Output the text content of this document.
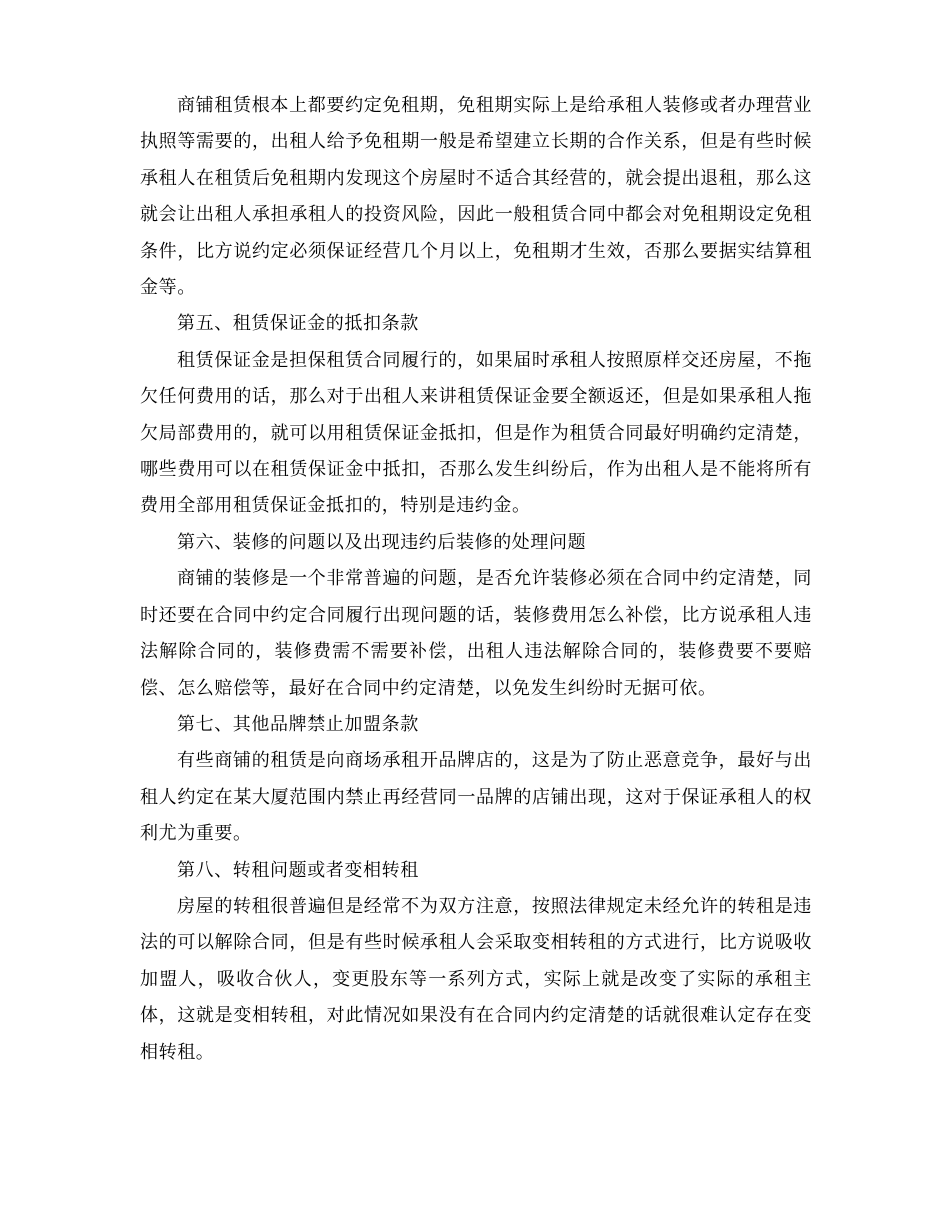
商铺租赁根本上都要约定免租期，免租期实际上是给承租人装修或者办理营业执照等需要的，出租人给予免租期一般是希望建立长期的合作关系，但是有些时候承租人在租赁后免租期内发现这个房屋时不适合其经营的，就会提出退租，那么这就会让出租人承担承租人的投资风险，因此一般租赁合同中都会对免租期设定免租条件，比方说约定必须保证经营几个月以上，免租期才生效，否那么要据实结算租金等。

第五、租赁保证金的抵扣条款

租赁保证金是担保租赁合同履行的，如果届时承租人按照原样交还房屋，不拖欠任何费用的话，那么对于出租人来讲租赁保证金要全额返还，但是如果承租人拖欠局部费用的，就可以用租赁保证金抵扣，但是作为租赁合同最好明确约定清楚，哪些费用可以在租赁保证金中抵扣，否那么发生纠纷后，作为出租人是不能将所有费用全部用租赁保证金抵扣的，特别是违约金。

第六、装修的问题以及出现违约后装修的处理问题

商铺的装修是一个非常普遍的问题，是否允许装修必须在合同中约定清楚，同时还要在合同中约定合同履行出现问题的话，装修费用怎么补偿，比方说承租人违法解除合同的，装修费需不需要补偿，出租人违法解除合同的，装修费要不要赔偿、怎么赔偿等，最好在合同中约定清楚，以免发生纠纷时无据可依。

第七、其他品牌禁止加盟条款

有些商铺的租赁是向商场承租开品牌店的，这是为了防止恶意竞争，最好与出租人约定在某大厦范围内禁止再经营同一品牌的店铺出现，这对于保证承租人的权利尤为重要。

第八、转租问题或者变相转租

房屋的转租很普遍但是经常不为双方注意，按照法律规定未经允许的转租是违法的可以解除合同，但是有些时候承租人会采取变相转租的方式进行，比方说吸收加盟人，吸收合伙人，变更股东等一系列方式，实际上就是改变了实际的承租主体，这就是变相转租，对此情况如果没有在合同内约定清楚的话就很难认定存在变相转租。
